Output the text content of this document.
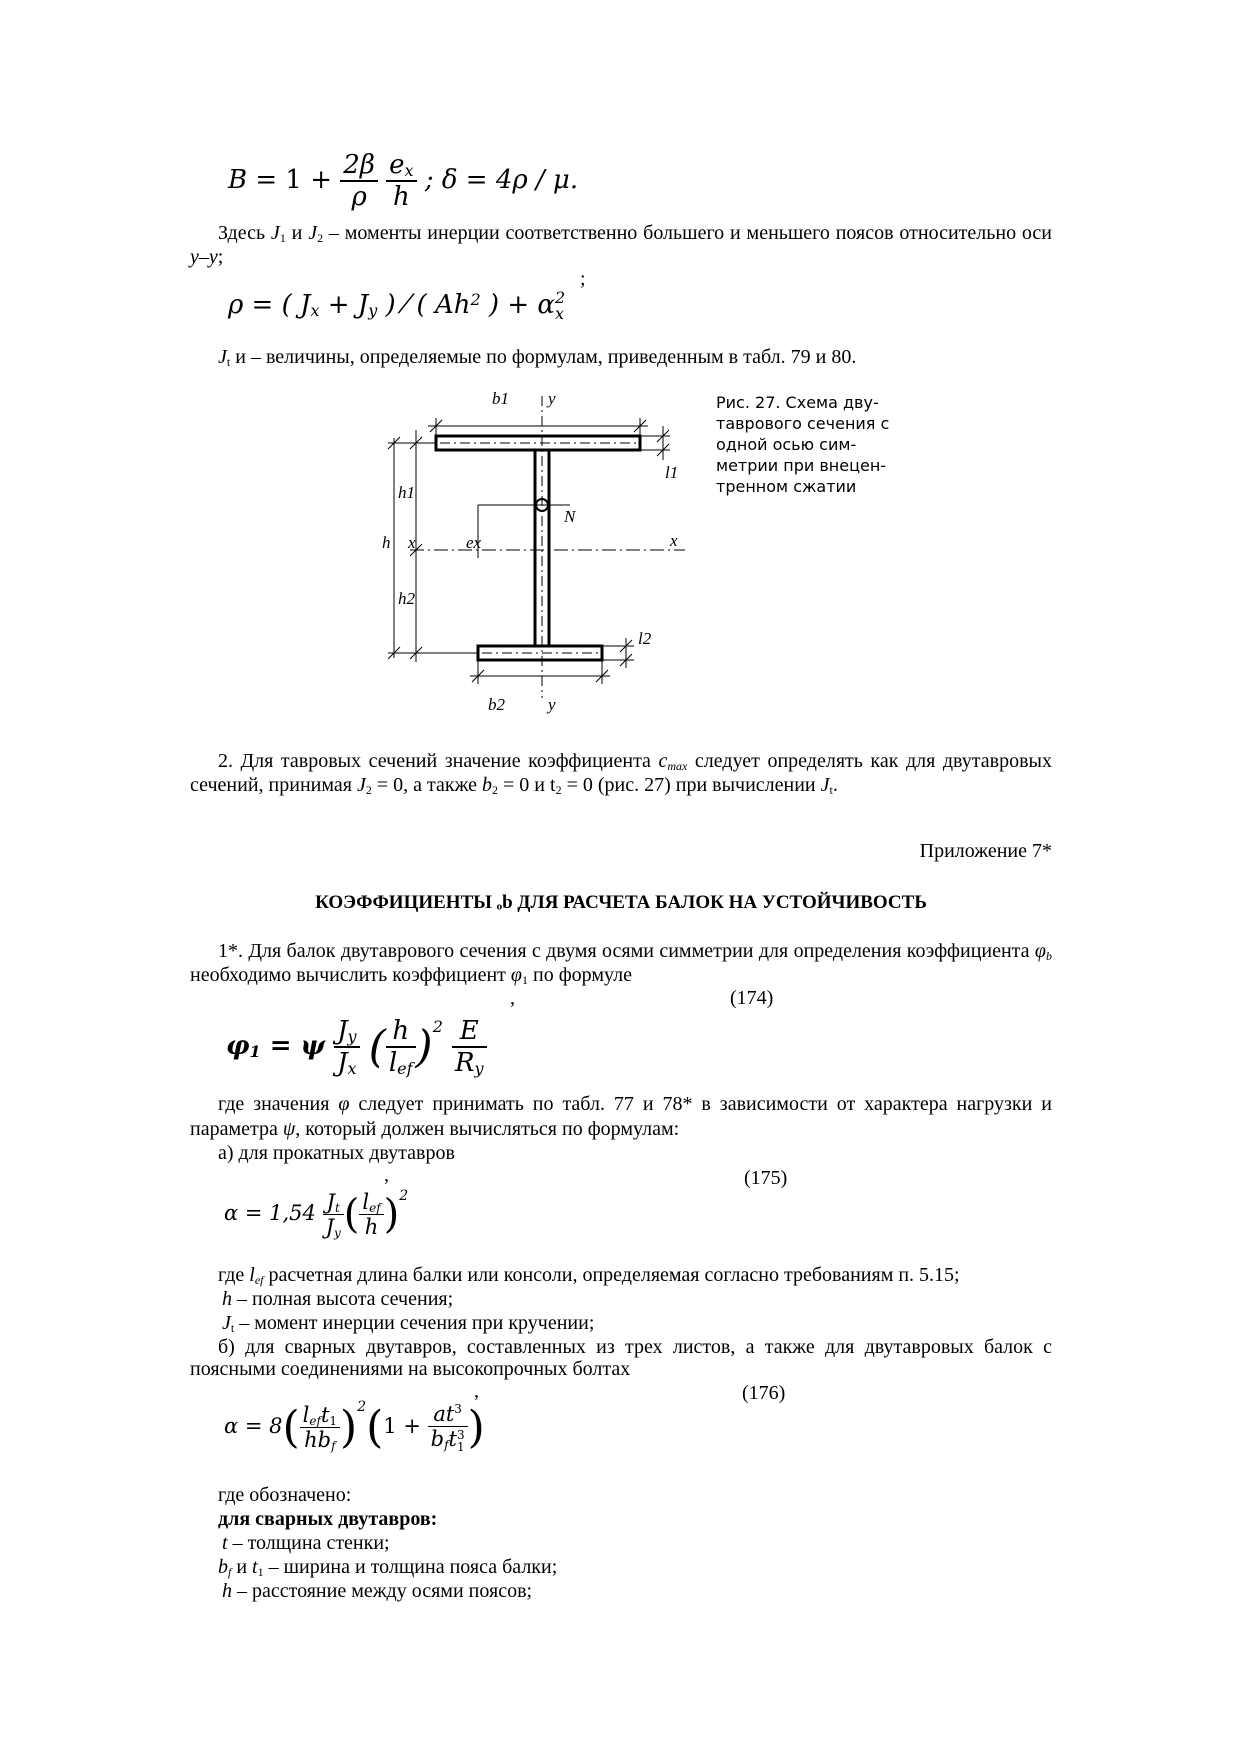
$B = 1 + \frac{2\beta}{\rho}$
$\frac{ex}{h}$ ; δ = 4ρ / μ.
Здесь J1 и J2 – моменты инерции соответственно большего и меньшего поясов относительно оси y–y;
;
ρ = ( Jx + Jy ) ⁄ ( Ah$^2$ ) + α 2
x
Jt и – величины, определяемые по формулам, приведенным в табл. 79 и 80.
b1 y
l1
h1
N
h x	ex	x
h2
l2
b2	y
Рис. 27. Схема дву-таврового сечения с одной осью сим-метрии при внецен-тренном сжатии
2. Для тавровых сечений значение коэффициента cmax следует определять как для двутавровых сечений, принимая J2 = 0, а также b2 = 0 и t2 = 0 (рис. 27) при вычислении Jt.
Приложение 7*
КОЭФФИЦИЕНТЫ ₒb ДЛЯ РАСЧЕТА БАЛОК НА УСТОЙЧИВОСТЬ
1*. Для балок двутаврового сечения с двумя осями симметрии для определения коэффициента φb необходимо вычислить коэффициент φ1 по формуле
,	(174)
φ1 = ψ $\frac{Jy}{Jx}$ ( $\frac{h}{\text{lef}} )^2 \frac{E}{Ry}$
где значения φ следует принимать по табл. 77 и 78* в зависимости от характера нагрузки и параметра ψ, который должен вычисляться по формулам:
а) для прокатных двутавров
,	(175)
$\alpha = 1,54 \frac{Jt}{Jy}$ ( $\frac{\text{lef}}{h} )^2$
где lef расчетная длина балки или консоли, определяемая согласно требованиям п. 5.15;
h – полная высота сечения;
Jt – момент инерции сечения при кручении;
б) для сварных двутавров, составленных из трех листов, а также для двутавровых балок с поясными соединениями на высокопрочных болтах
,	(176)
$\alpha = 8( \frac{\text{left1}}{\text{hbf}} )^2(1 + at^3$
bft 3
1 )
где обозначено:
для сварных двутавров:
t – толщина стенки;
bf и t1 – ширина и толщина пояса балки;
h – расстояние между осями поясов;
